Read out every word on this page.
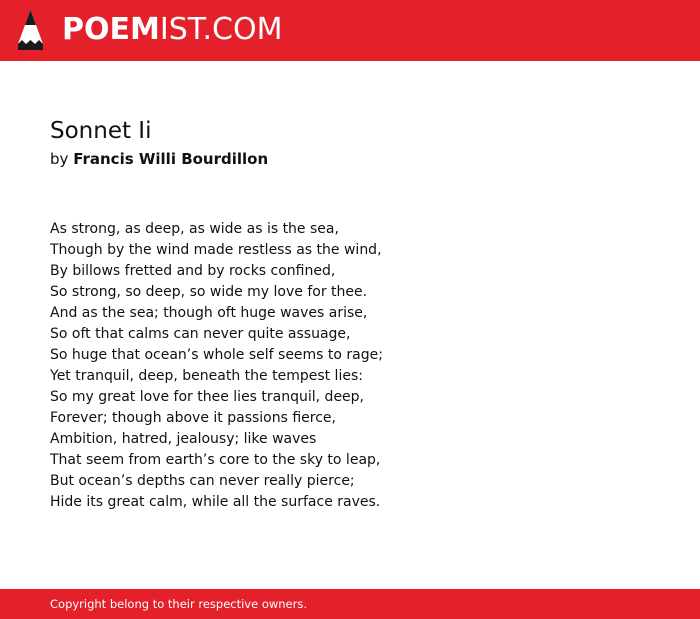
POEMIST.COM
Sonnet Ii
by Francis Willi Bourdillon
As strong, as deep, as wide as is the sea,
Though by the wind made restless as the wind,
By billows fretted and by rocks confined,
So strong, so deep, so wide my love for thee.
And as the sea; though oft huge waves arise,
So oft that calms can never quite assuage,
So huge that ocean’s whole self seems to rage;
Yet tranquil, deep, beneath the tempest lies:
So my great love for thee lies tranquil, deep,
Forever; though above it passions fierce,
Ambition, hatred, jealousy; like waves
That seem from earth’s core to the sky to leap,
But ocean’s depths can never really pierce;
Hide its great calm, while all the surface raves.
Copyright belong to their respective owners.
